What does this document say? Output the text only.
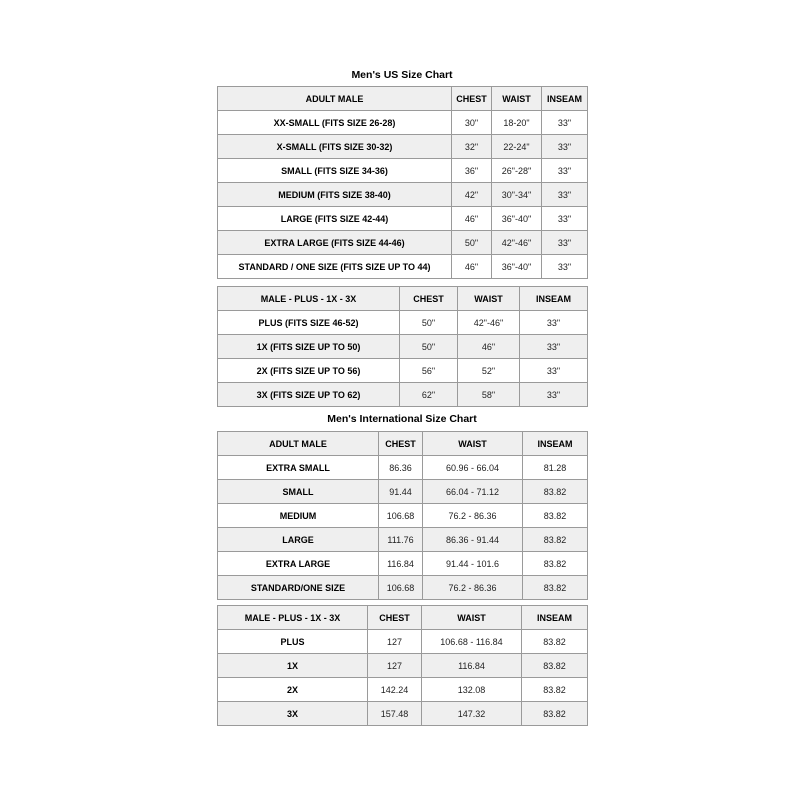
Men's US Size Chart
ADULT MALE	CHEST	WAIST	INSEAM
XX-SMALL (FITS SIZE 26-28)	30"	18-20"	33"
X-SMALL (FITS SIZE 30-32)	32"	22-24"	33"
SMALL (FITS SIZE 34-36)	36"	26"-28"	33"
MEDIUM (FITS SIZE 38-40)	42"	30"-34"	33"
LARGE (FITS SIZE 42-44)	46"	36"-40"	33"
EXTRA LARGE (FITS SIZE 44-46)	50"	42"-46"	33"
STANDARD / ONE SIZE (FITS SIZE UP TO 44)	46"	36"-40"	33"
MALE - PLUS - 1X - 3X	CHEST	WAIST	INSEAM
PLUS (FITS SIZE 46-52)	50"	42"-46"	33"
1X (FITS SIZE UP TO 50)	50"	46"	33"
2X (FITS SIZE UP TO 56)	56"	52"	33"
3X (FITS SIZE UP TO 62)	62"	58"	33"
Men's International Size Chart
ADULT MALE	CHEST	WAIST	INSEAM
EXTRA SMALL	86.36	60.96 - 66.04	81.28
SMALL	91.44	66.04 - 71.12	83.82
MEDIUM	106.68	76.2 - 86.36	83.82
LARGE	111.76	86.36 - 91.44	83.82
EXTRA LARGE	116.84	91.44 - 101.6	83.82
STANDARD/ONE SIZE	106.68	76.2 - 86.36	83.82
MALE - PLUS - 1X - 3X	CHEST	WAIST	INSEAM
PLUS	127	106.68 - 116.84	83.82
1X	127	116.84	83.82
2X	142.24	132.08	83.82
3X	157.48	147.32	83.82
